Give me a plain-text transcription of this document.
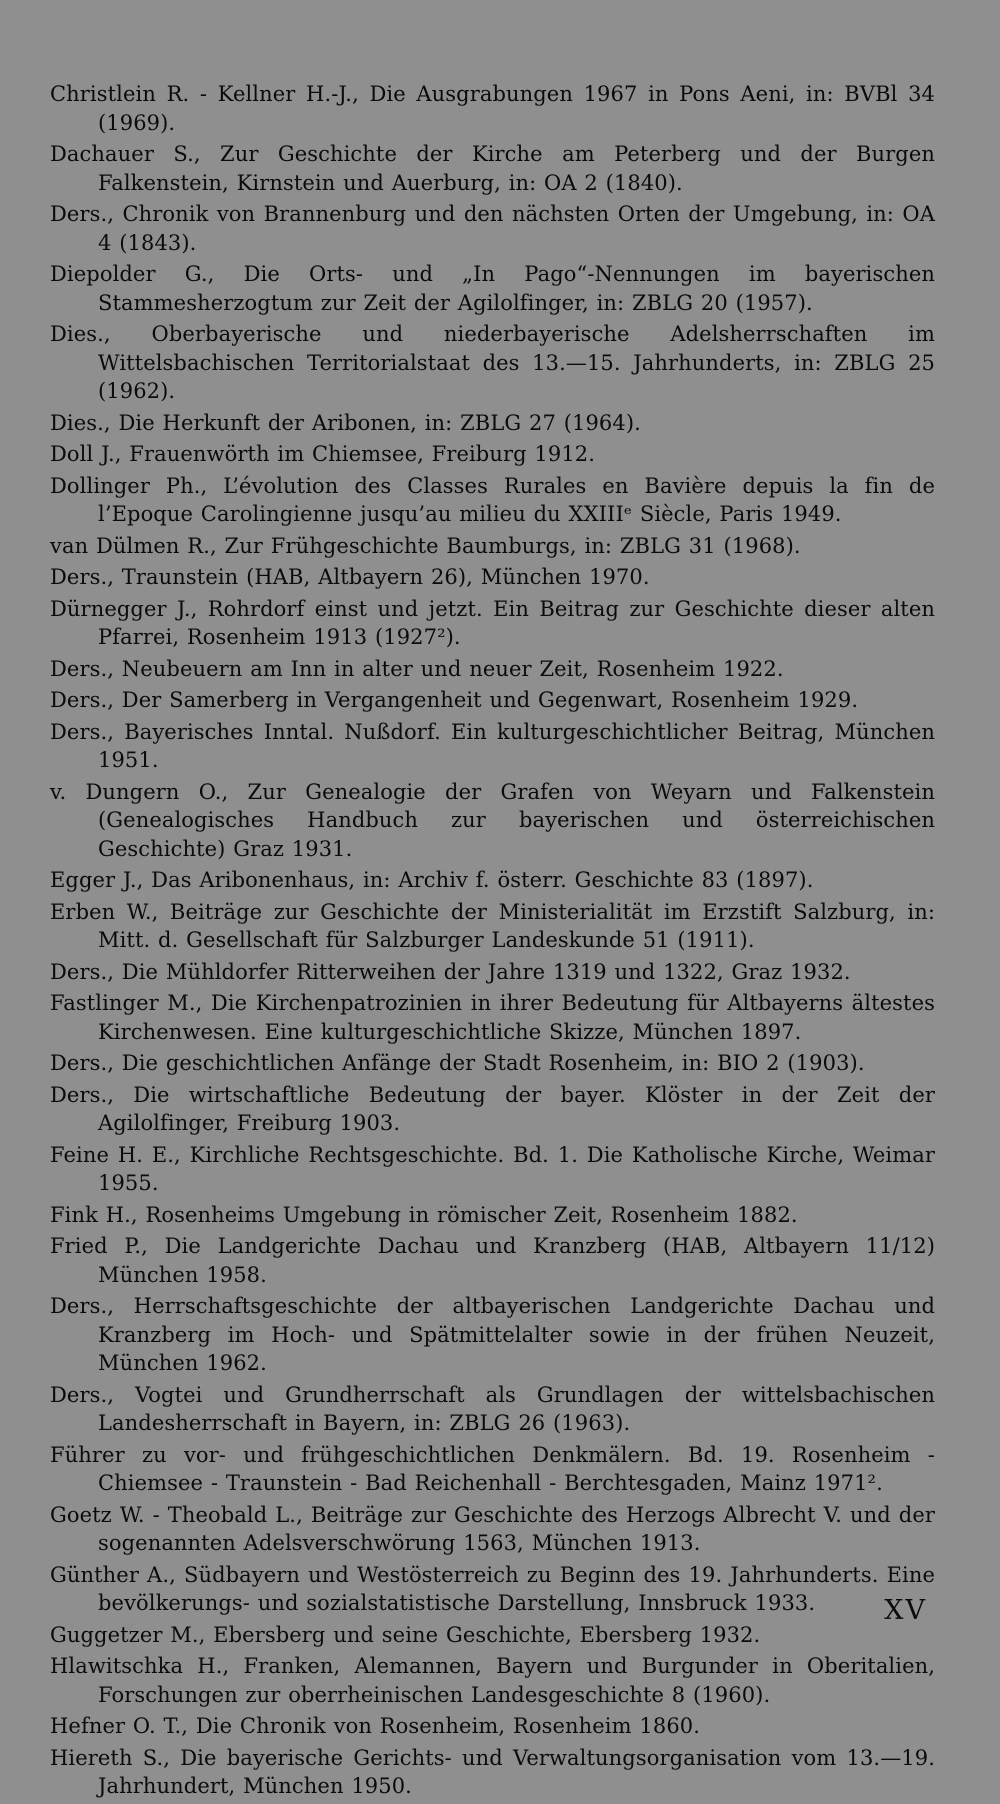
Christlein R. - Kellner H.-J., Die Ausgrabungen 1967 in Pons Aeni, in: BVBl 34 (1969).
Dachauer S., Zur Geschichte der Kirche am Peterberg und der Burgen Falkenstein, Kirnstein und Auerburg, in: OA 2 (1840).
Ders., Chronik von Brannenburg und den nächsten Orten der Umgebung, in: OA 4 (1843).
Diepolder G., Die Orts- und „In Pago“-Nennungen im bayerischen Stammesherzogtum zur Zeit der Agilolfinger, in: ZBLG 20 (1957).
Dies., Oberbayerische und niederbayerische Adelsherrschaften im Wittelsbachischen Territorialstaat des 13.—15. Jahrhunderts, in: ZBLG 25 (1962).
Dies., Die Herkunft der Aribonen, in: ZBLG 27 (1964).
Doll J., Frauenwörth im Chiemsee, Freiburg 1912.
Dollinger Ph., L’évolution des Classes Rurales en Bavière depuis la fin de l’Epoque Carolingienne jusqu’au milieu du XXIIIᵉ Siècle, Paris 1949.
van Dülmen R., Zur Frühgeschichte Baumburgs, in: ZBLG 31 (1968).
Ders., Traunstein (HAB, Altbayern 26), München 1970.
Dürnegger J., Rohrdorf einst und jetzt. Ein Beitrag zur Geschichte dieser alten Pfarrei, Rosenheim 1913 (1927²).
Ders., Neubeuern am Inn in alter und neuer Zeit, Rosenheim 1922.
Ders., Der Samerberg in Vergangenheit und Gegenwart, Rosenheim 1929.
Ders., Bayerisches Inntal. Nußdorf. Ein kulturgeschichtlicher Beitrag, München 1951.
v. Dungern O., Zur Genealogie der Grafen von Weyarn und Falkenstein (Genealogisches Handbuch zur bayerischen und österreichischen Geschichte) Graz 1931.
Egger J., Das Aribonenhaus, in: Archiv f. österr. Geschichte 83 (1897).
Erben W., Beiträge zur Geschichte der Ministerialität im Erzstift Salzburg, in: Mitt. d. Gesellschaft für Salzburger Landeskunde 51 (1911).
Ders., Die Mühldorfer Ritterweihen der Jahre 1319 und 1322, Graz 1932.
Fastlinger M., Die Kirchenpatrozinien in ihrer Bedeutung für Altbayerns ältestes Kirchenwesen. Eine kulturgeschichtliche Skizze, München 1897.
Ders., Die geschichtlichen Anfänge der Stadt Rosenheim, in: BIO 2 (1903).
Ders., Die wirtschaftliche Bedeutung der bayer. Klöster in der Zeit der Agilolfinger, Freiburg 1903.
Feine H. E., Kirchliche Rechtsgeschichte. Bd. 1. Die Katholische Kirche, Weimar 1955.
Fink H., Rosenheims Umgebung in römischer Zeit, Rosenheim 1882.
Fried P., Die Landgerichte Dachau und Kranzberg (HAB, Altbayern 11/12) München 1958.
Ders., Herrschaftsgeschichte der altbayerischen Landgerichte Dachau und Kranzberg im Hoch- und Spätmittelalter sowie in der frühen Neuzeit, München 1962.
Ders., Vogtei und Grundherrschaft als Grundlagen der wittelsbachischen Landesherrschaft in Bayern, in: ZBLG 26 (1963).
Führer zu vor- und frühgeschichtlichen Denkmälern. Bd. 19. Rosenheim - Chiemsee - Traunstein - Bad Reichenhall - Berchtesgaden, Mainz 1971².
Goetz W. - Theobald L., Beiträge zur Geschichte des Herzogs Albrecht V. und der sogenannten Adelsverschwörung 1563, München 1913.
Günther A., Südbayern und Westösterreich zu Beginn des 19. Jahrhunderts. Eine bevölkerungs- und sozialstatistische Darstellung, Innsbruck 1933.
Guggetzer M., Ebersberg und seine Geschichte, Ebersberg 1932.
Hlawitschka H., Franken, Alemannen, Bayern und Burgunder in Oberitalien, Forschungen zur oberrheinischen Landesgeschichte 8 (1960).
Hefner O. T., Die Chronik von Rosenheim, Rosenheim 1860.
Hiereth S., Die bayerische Gerichts- und Verwaltungsorganisation vom 13.—19. Jahrhundert, München 1950.
XV
